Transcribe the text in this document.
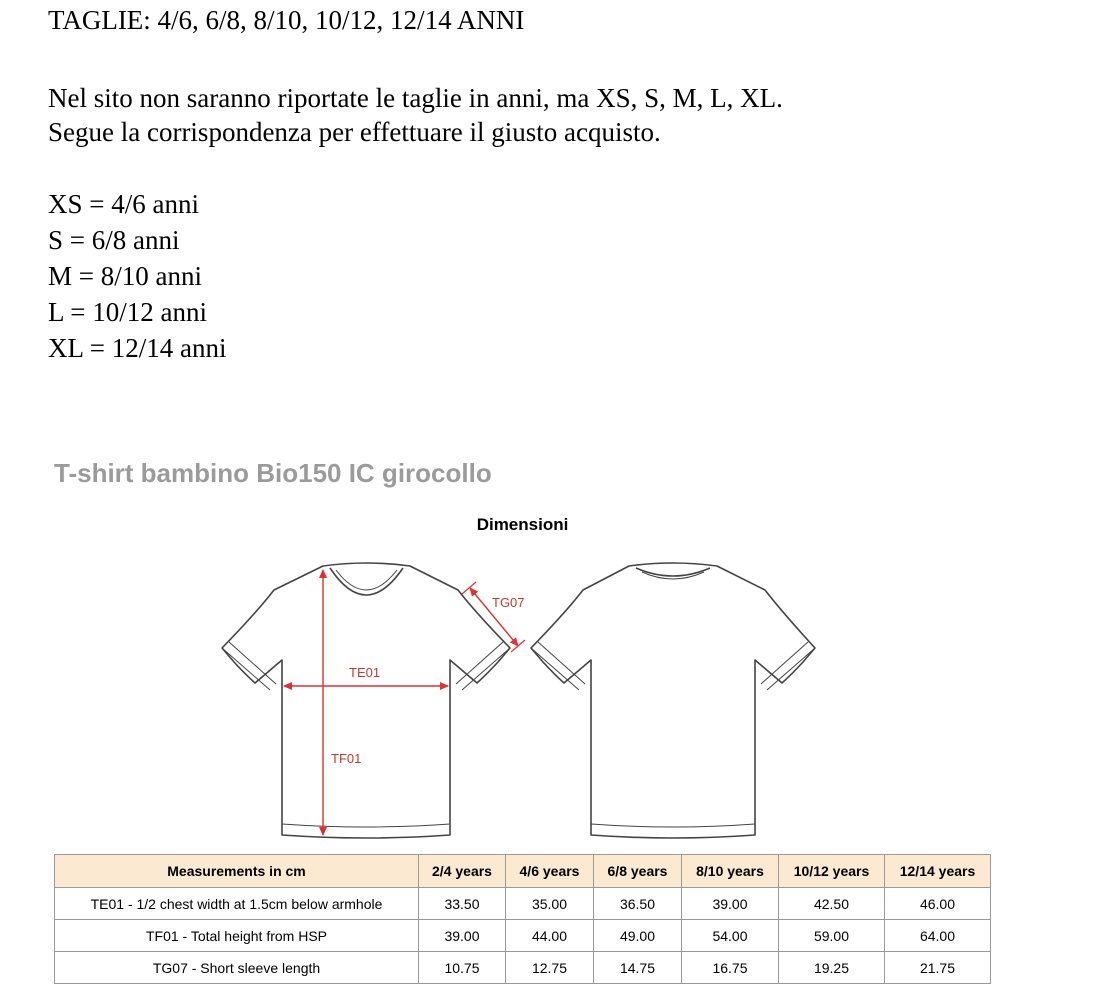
TAGLIE: 4/6, 6/8, 8/10, 10/12, 12/14 ANNI
Nel sito non saranno riportate le taglie in anni, ma XS, S, M, L, XL.
Segue la corrispondenza per effettuare il giusto acquisto.
XS = 4/6 anni
S = 6/8 anni
M = 8/10 anni
L = 10/12 anni
XL = 12/14 anni
T-shirt bambino Bio150 IC girocollo
Dimensioni
TE01
TF01
TG07
Measurements in cm	2/4 years	4/6 years	6/8 years	8/10 years	10/12 years	12/14 years
TE01 - 1/2 chest width at 1.5cm below armhole	33.50	35.00	36.50	39.00	42.50	46.00
TF01 - Total height from HSP	39.00	44.00	49.00	54.00	59.00	64.00
TG07 - Short sleeve length	10.75	12.75	14.75	16.75	19.25	21.75
